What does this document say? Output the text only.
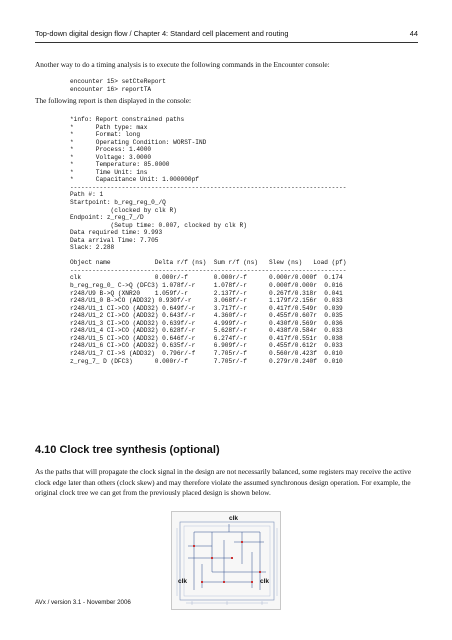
Top-down digital design flow / Chapter 4: Standard cell placement and routing	44

Another way to do a timing analysis is to execute the following commands in the Encounter console:

encounter 15> setCteReport
encounter 16> reportTA

The following report is then displayed in the console:

*info: Report constrained paths
*      Path type: max
*      Format: long
*      Operating Condition: WORST-IND
*      Process: 1.4000
*      Voltage: 3.0000
*      Temperature: 85.0000
*      Time Unit: 1ns
*      Capacitance Unit: 1.000000pf
---------------------------------------------------------------------------
Path #: 1
Startpoint: b_reg_reg_0_/Q
(clocked by clk R)
Endpoint: z_reg_7_/D
(Setup time: 0.007, clocked by clk R)
Data required time: 9.993
Data arrival Time: 7.705
Slack: 2.288

Object name            Delta r/f (ns)  Sum r/f (ns)   Slew (ns)   Load (pf)
---------------------------------------------------------------------------
clk                    0.000r/-f       0.000r/-f      0.000r/0.000f  0.174
b_reg_reg_0_ C->Q (DFC3) 1.078f/-r     1.078f/-r      0.000f/0.000r  0.016
r248/U9 B->Q (XNR20    1.059f/-r       2.137f/-r      0.267f/0.318r  0.041
r248/U1_0 B->CO (ADD32) 0.930f/-r      3.068f/-r      1.179f/2.156r  0.033
r248/U1_1 CI->CO (ADD32) 0.649f/-r     3.717f/-r      0.417f/0.549r  0.039
r248/U1_2 CI->CO (ADD32) 0.643f/-r     4.360f/-r      0.455f/0.607r  0.035
r248/U1_3 CI->CO (ADD32) 0.639f/-r     4.999f/-r      0.430f/0.569r  0.036
r248/U1_4 CI->CO (ADD32) 0.628f/-r     5.628f/-r      0.438f/0.584r  0.033
r248/U1_5 CI->CO (ADD32) 0.646f/-r     6.274f/-r      0.417f/0.551r  0.038
r248/U1_6 CI->CO (ADD32) 0.635f/-r     6.909f/-r      0.455f/0.612r  0.033
r248/U1_7 CI->S (ADD32)  0.796r/-f     7.705r/-f      0.560r/0.423f  0.010
z_reg_7_ D (DFC3)      0.000r/-f       7.705r/-f      0.279r/0.240f  0.010
4.10 Clock tree synthesis (optional)

As the paths that will propagate the clock signal in the design are not necessarily balanced, some registers may receive the active clock edge later than others (clock skew) and may therefore violate the assumed synchronous design operation. For example, the original clock tree we can get from the previously placed design is shown below.

clk
clk	clk
AVx / version 3.1 - November 2006
